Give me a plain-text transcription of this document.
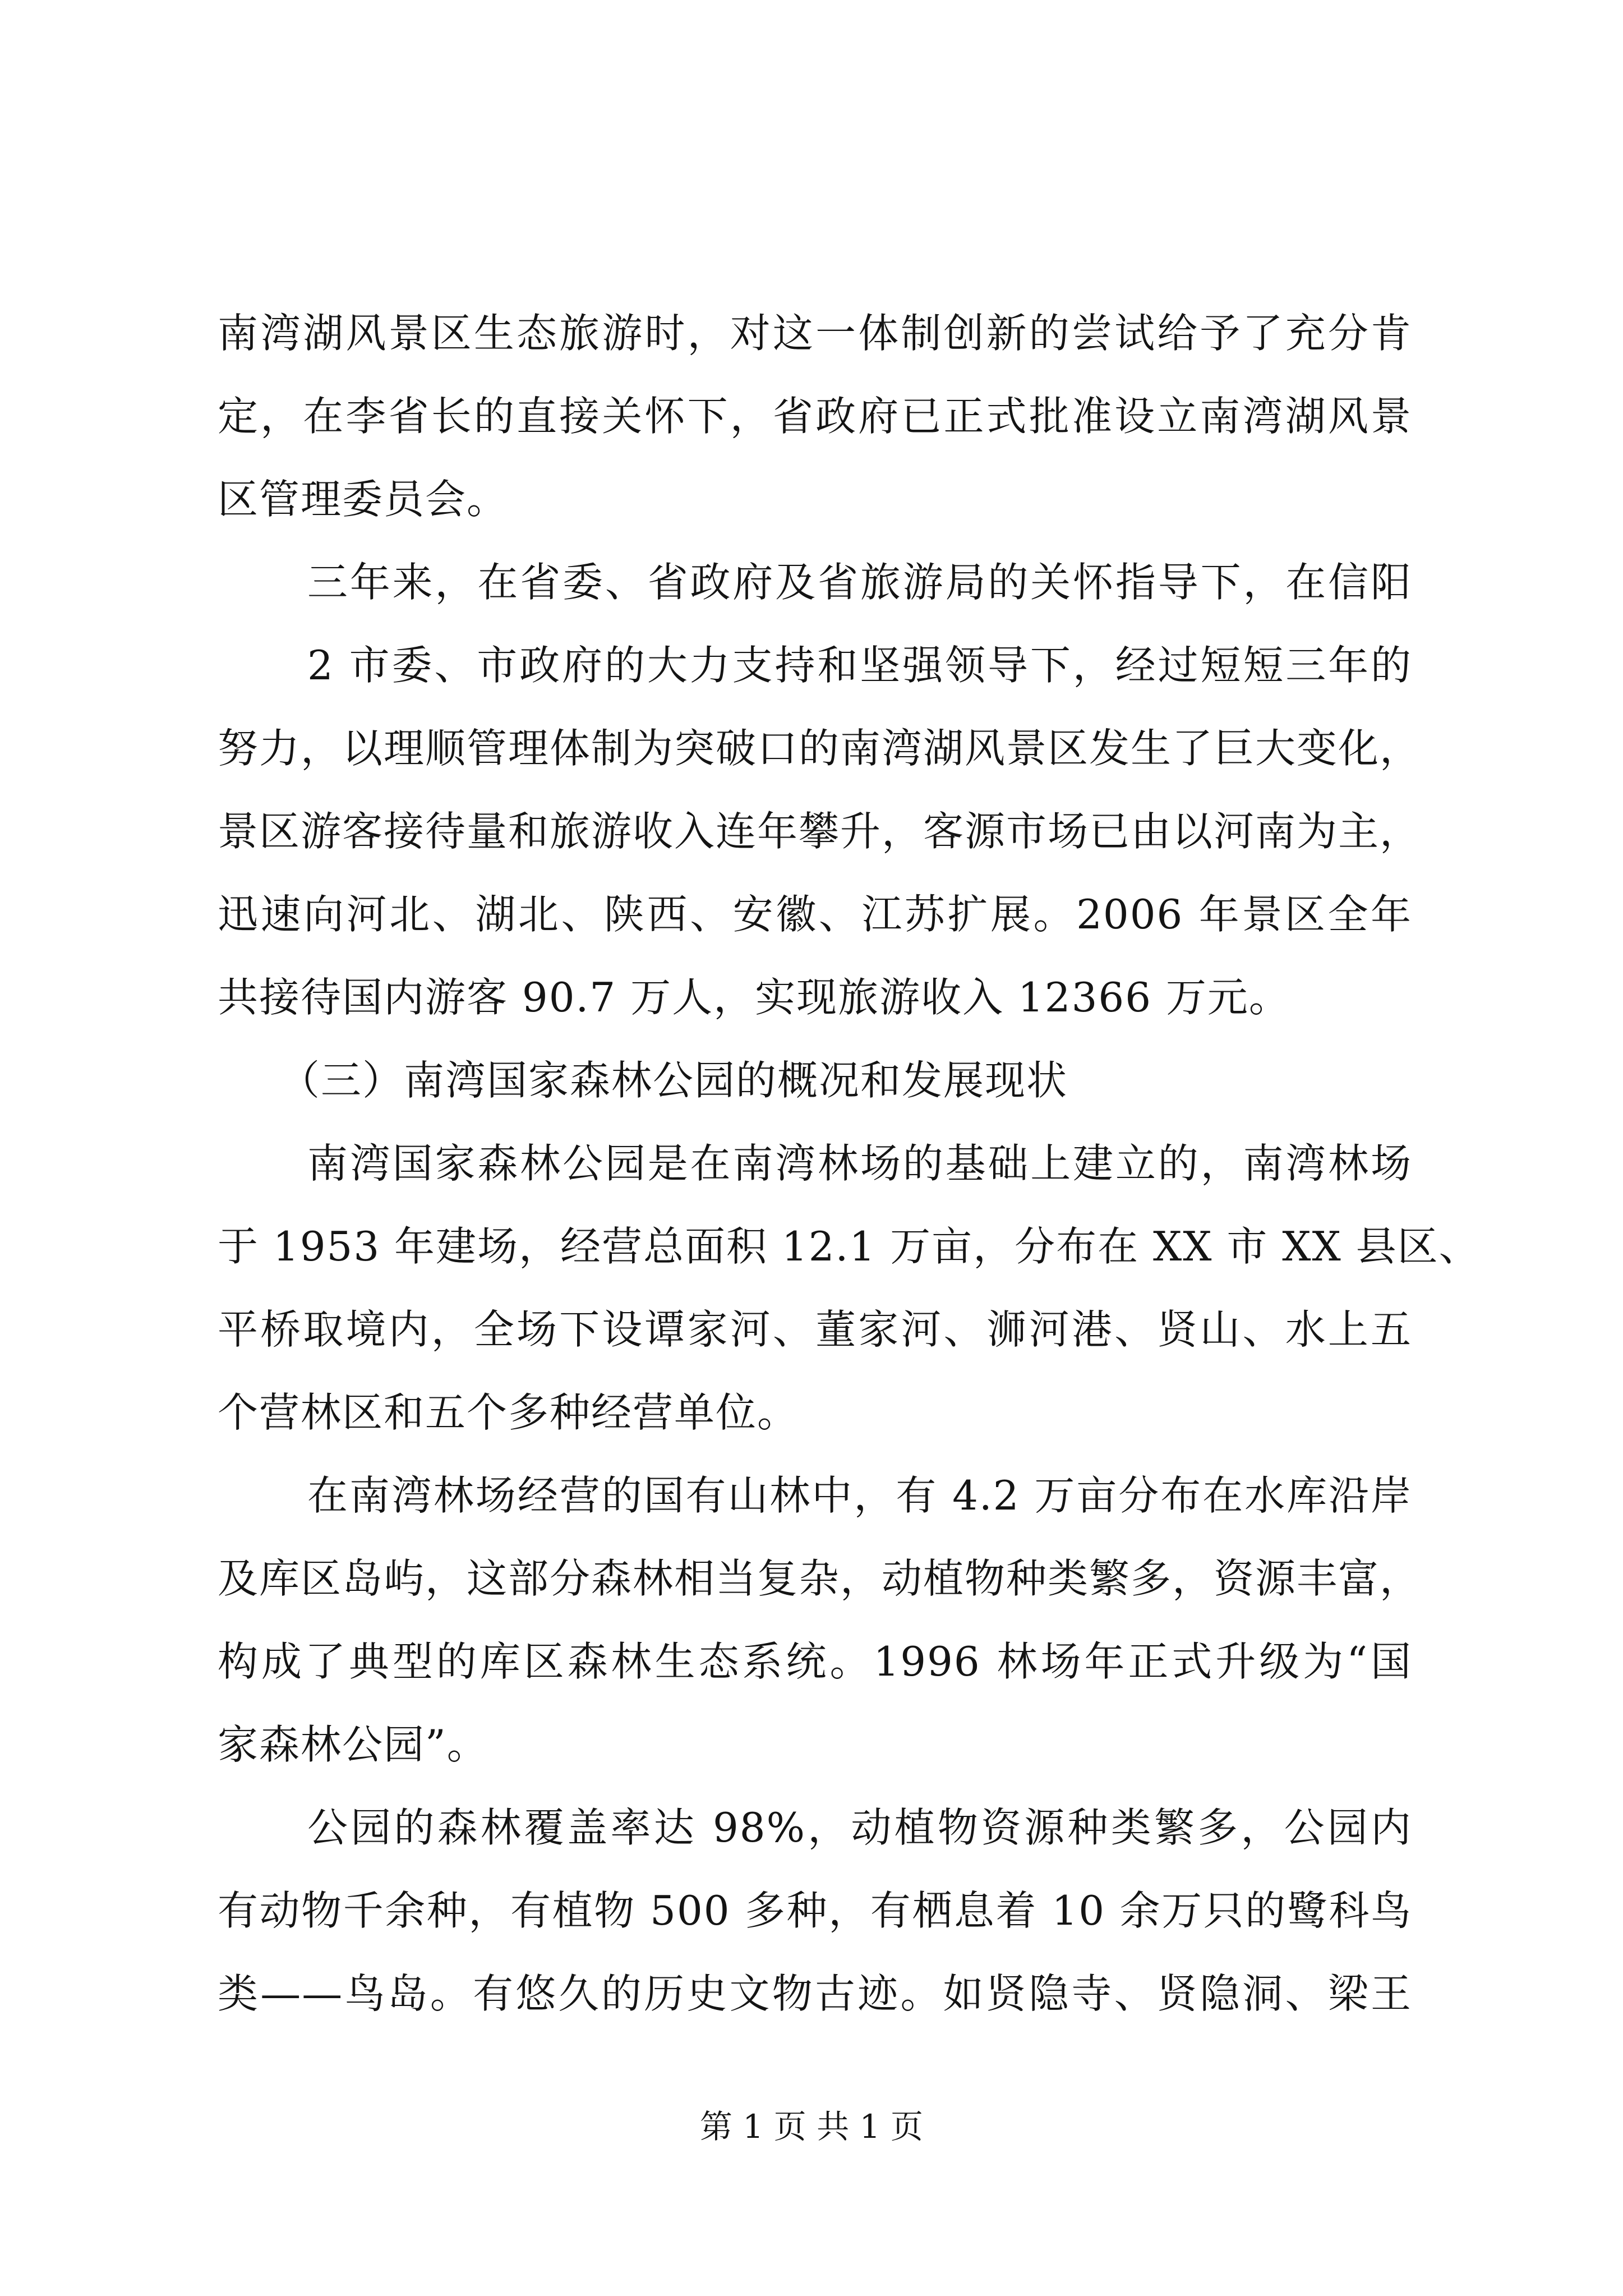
南湾湖风景区生态旅游时，对这一体制创新的尝试给予了充分肯
定，在李省长的直接关怀下，省政府已正式批准设立南湾湖风景
区管理委员会。
三年来，在省委、省政府及省旅游局的关怀指导下，在信阳
2 市委、市政府的大力支持和坚强领导下，经过短短三年的
努力，以理顺管理体制为突破口的南湾湖风景区发生了巨大变化，
景区游客接待量和旅游收入连年攀升，客源市场已由以河南为主，
迅速向河北、湖北、陕西、安徽、江苏扩展。2006 年景区全年
共接待国内游客 90.7 万人，实现旅游收入 12366 万元。
（三）南湾国家森林公园的概况和发展现状
南湾国家森林公园是在南湾林场的基础上建立的，南湾林场
于 1953 年建场，经营总面积 12.1 万亩，分布在 XX 市 XX 县区、
平桥取境内，全场下设谭家河、董家河、浉河港、贤山、水上五
个营林区和五个多种经营单位。
在南湾林场经营的国有山林中，有 4.2 万亩分布在水库沿岸
及库区岛屿，这部分森林相当复杂，动植物种类繁多，资源丰富，
构成了典型的库区森林生态系统。1996 林场年正式升级为“国
家森林公园”。
公园的森林覆盖率达 98%，动植物资源种类繁多，公园内
有动物千余种，有植物 500 多种，有栖息着 10 余万只的鹭科鸟
类——鸟岛。有悠久的历史文物古迹。如贤隐寺、贤隐洞、梁王
第 1 页 共 1 页
